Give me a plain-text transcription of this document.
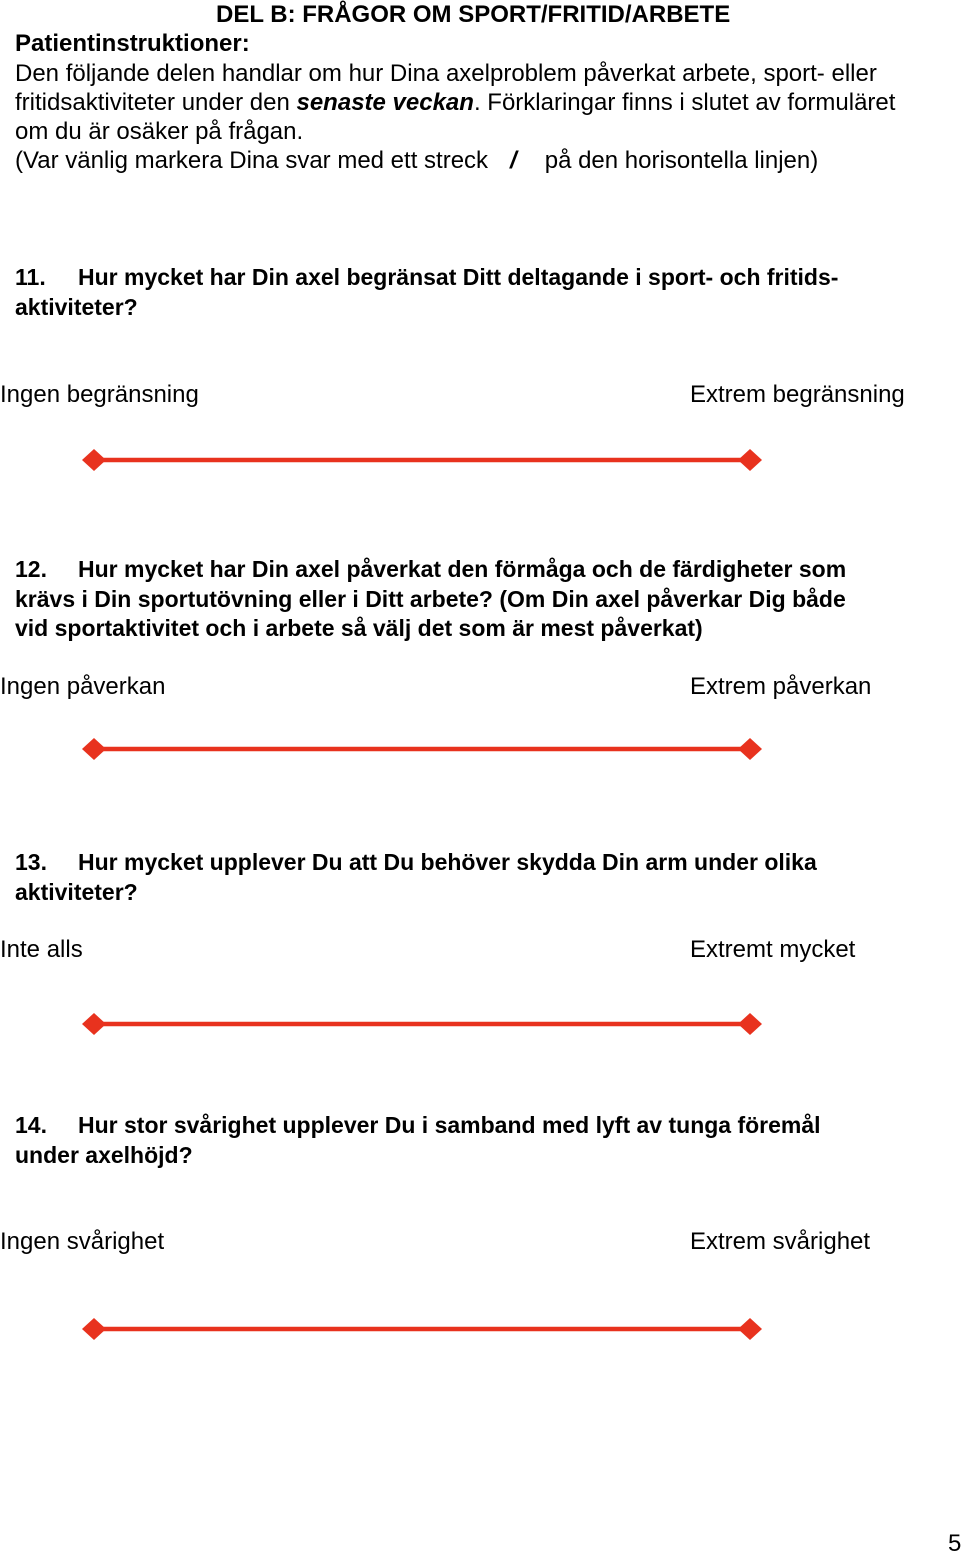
DEL B: FRÅGOR OM SPORT/FRITID/ARBETE
Patientinstruktioner:
Den följande delen handlar om hur Dina axelproblem påverkat arbete, sport- eller
fritidsaktiviteter under den senaste veckan. Förklaringar finns i slutet av formuläret
om du är osäker på frågan.
(Var vänlig markera Dina svar med ett streck / på den horisontella linjen)
11. Hur mycket har Din axel begränsat Ditt deltagande i sport- och fritids-
aktiviteter?
Ingen begränsning	Extrem begränsning
12. Hur mycket har Din axel påverkat den förmåga och de färdigheter som
krävs i Din sportutövning eller i Ditt arbete? (Om Din axel påverkar Dig både
vid sportaktivitet och i arbete så välj det som är mest påverkat)
Ingen påverkan	Extrem påverkan
13. Hur mycket upplever Du att Du behöver skydda Din arm under olika
aktiviteter?
Inte alls	Extremt mycket
14. Hur stor svårighet upplever Du i samband med lyft av tunga föremål
under axelhöjd?
Ingen svårighet	Extrem svårighet
5
